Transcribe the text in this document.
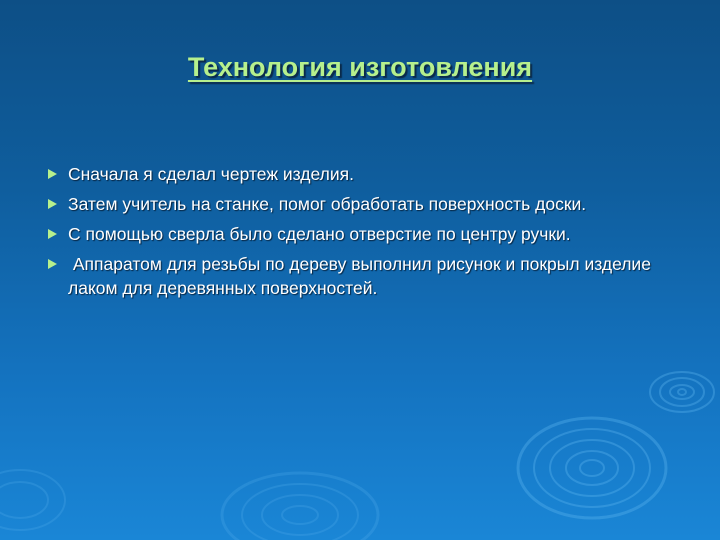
Технология изготовления
Сначала я сделал чертеж изделия.
Затем учитель на станке, помог обработать поверхность доски.
С помощью сверла было сделано отверстие по центру ручки.
Аппаратом для резьбы по дереву выполнил рисунок и покрыл изделие лаком для деревянных поверхностей.
